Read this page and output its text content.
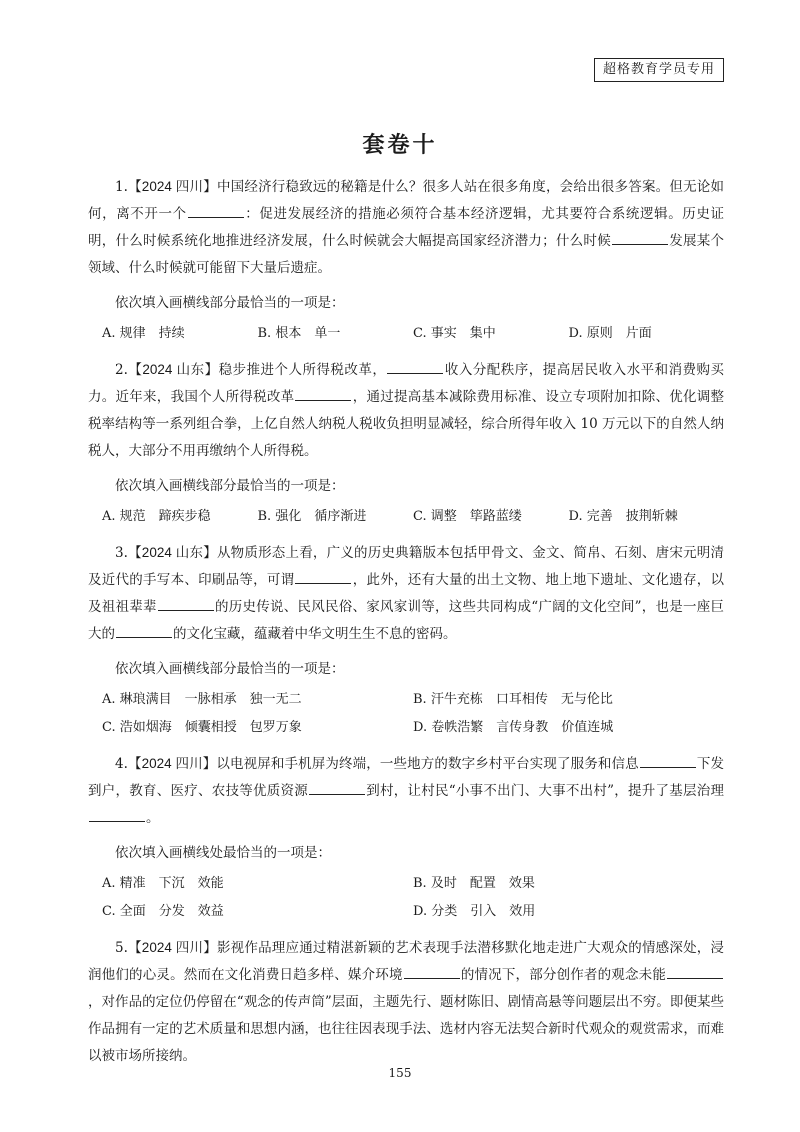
超格教育学员专用
套卷十

1.【2024 四川】中国经济行稳致远的秘籍是什么？很多人站在很多角度，会给出很多答案。但无论如何，离不开一个	：促进发展经济的措施必须符合基本经济逻辑，尤其要符合系统逻辑。历史证明，什么时候系统化地推进经济发展，什么时候就会大幅提高国家经济潜力；什么时候	发展某个领域、什么时候就可能留下大量后遗症。

依次填入画横线部分最恰当的一项是：

A. 规律　持续	B. 根本　单一	C. 事实　集中	D. 原则　片面

2.【2024 山东】稳步推进个人所得税改革，	收入分配秩序，提高居民收入水平和消费购买力。近年来，我国个人所得税改革	，通过提高基本减除费用标准、设立专项附加扣除、优化调整税率结构等一系列组合拳，上亿自然人纳税人税收负担明显减轻，综合所得年收入 10 万元以下的自然人纳税人，大部分不用再缴纳个人所得税。

依次填入画横线部分最恰当的一项是：

A. 规范　蹄疾步稳	B. 强化　循序渐进	C. 调整　筚路蓝缕	D. 完善　披荆斩棘

3.【2024 山东】从物质形态上看，广义的历史典籍版本包括甲骨文、金文、简帛、石刻、唐宋元明清及近代的手写本、印刷品等，可谓	，此外，还有大量的出土文物、地上地下遗址、文化遗存，以及祖祖辈辈	的历史传说、民风民俗、家风家训等，这些共同构成“广阔的文化空间”，也是一座巨大的	的文化宝藏，蕴藏着中华文明生生不息的密码。

依次填入画横线部分最恰当的一项是：

A. 琳琅满目　一脉相承　独一无二	B. 汗牛充栋　口耳相传　无与伦比
C. 浩如烟海　倾囊相授　包罗万象	D. 卷帙浩繁　言传身教　价值连城

4.【2024 四川】以电视屏和手机屏为终端，一些地方的数字乡村平台实现了服务和信息	下发到户，教育、医疗、农技等优质资源	到村，让村民“小事不出门、大事不出村”，提升了基层治理。

依次填入画横线处最恰当的一项是：

A. 精准　下沉　效能	B. 及时　配置　效果
C. 全面　分发　效益	D. 分类　引入　效用

5.【2024 四川】影视作品理应通过精湛新颖的艺术表现手法潜移默化地走进广大观众的情感深处，浸润他们的心灵。然而在文化消费日趋多样、媒介环境	的情况下，部分创作者的观念未能，对作品的定位仍停留在“观念的传声筒”层面，主题先行、题材陈旧、剧情高悬等问题层出不穷。即便某些作品拥有一定的艺术质量和思想内涵，也往往因表现手法、选材内容无法契合新时代观众的观赏需求，而难以被市场所接纳。

155
